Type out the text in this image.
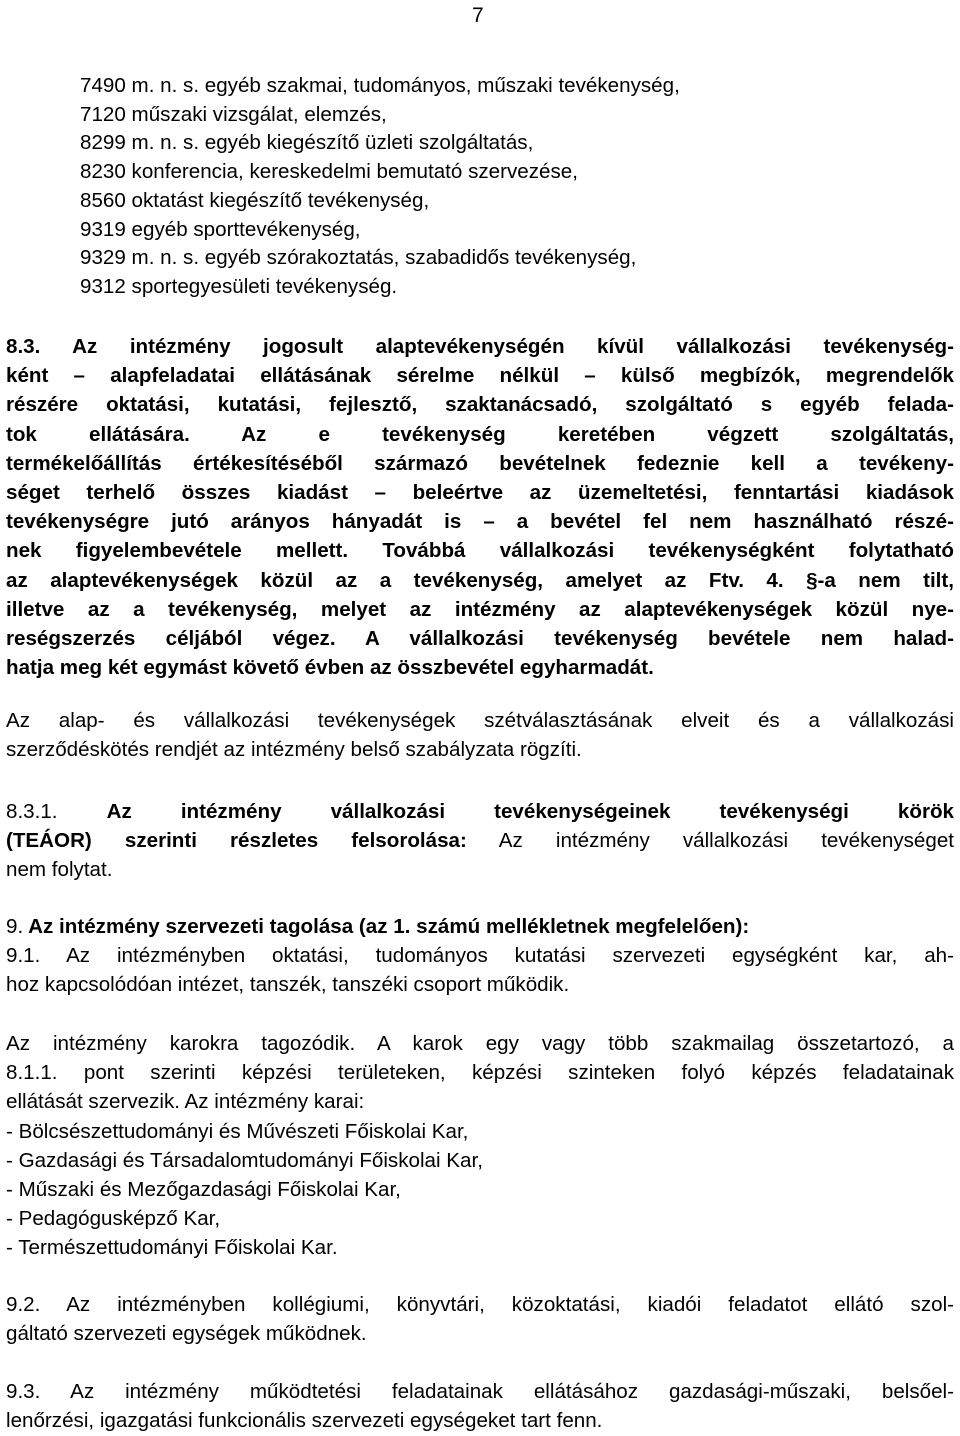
7
7490 m. n. s. egyéb szakmai, tudományos, műszaki tevékenység,
7120 műszaki vizsgálat, elemzés,
8299 m. n. s. egyéb kiegészítő üzleti szolgáltatás,
8230 konferencia, kereskedelmi bemutató szervezése,
8560 oktatást kiegészítő tevékenység,
9319 egyéb sporttevékenység,
9329 m. n. s. egyéb szórakoztatás, szabadidős tevékenység,
9312 sportegyesületi tevékenység.
8.3. Az intézmény jogosult alaptevékenységén kívül vállalkozási tevékenység-
ként – alapfeladatai ellátásának sérelme nélkül – külső megbízók, megrendelők
részére oktatási, kutatási, fejlesztő, szaktanácsadó, szolgáltató s egyéb felada-
tok ellátására. Az e tevékenység keretében végzett szolgáltatás,
termékelőállítás értékesítéséből származó bevételnek fedeznie kell a tevékeny-
séget terhelő összes kiadást – beleértve az üzemeltetési, fenntartási kiadások
tevékenységre jutó arányos hányadát is – a bevétel fel nem használható részé-
nek figyelembevétele mellett. Továbbá vállalkozási tevékenységként folytatható
az alaptevékenységek közül az a tevékenység, amelyet az Ftv. 4. §-a nem tilt,
illetve az a tevékenység, melyet az intézmény az alaptevékenységek közül nye-
reségszerzés céljából végez. A vállalkozási tevékenység bevétele nem halad-
hatja meg két egymást követő évben az összbevétel egyharmadát.
Az alap- és vállalkozási tevékenységek szétválasztásának elveit és a vállalkozási
szerződéskötés rendjét az intézmény belső szabályzata rögzíti.
8.3.1. Az intézmény vállalkozási tevékenységeinek tevékenységi körök
(TEÁOR) szerinti részletes felsorolása: Az intézmény vállalkozási tevékenységet
nem folytat.
9. Az intézmény szervezeti tagolása (az 1. számú mellékletnek megfelelően):
9.1. Az intézményben oktatási, tudományos kutatási szervezeti egységként kar, ah-
hoz kapcsolódóan intézet, tanszék, tanszéki csoport működik.
Az intézmény karokra tagozódik. A karok egy vagy több szakmailag összetartozó, a
8.1.1. pont szerinti képzési területeken, képzési szinteken folyó képzés feladatainak
ellátását szervezik. Az intézmény karai:
- Bölcsészettudományi és Művészeti Főiskolai Kar,
- Gazdasági és Társadalomtudományi Főiskolai Kar,
- Műszaki és Mezőgazdasági Főiskolai Kar,
- Pedagógusképző Kar,
- Természettudományi Főiskolai Kar.
9.2. Az intézményben kollégiumi, könyvtári, közoktatási, kiadói feladatot ellátó szol-
gáltató szervezeti egységek működnek.
9.3. Az intézmény működtetési feladatainak ellátásához gazdasági-műszaki, belsőel-
lenőrzési, igazgatási funkcionális szervezeti egységeket tart fenn.
